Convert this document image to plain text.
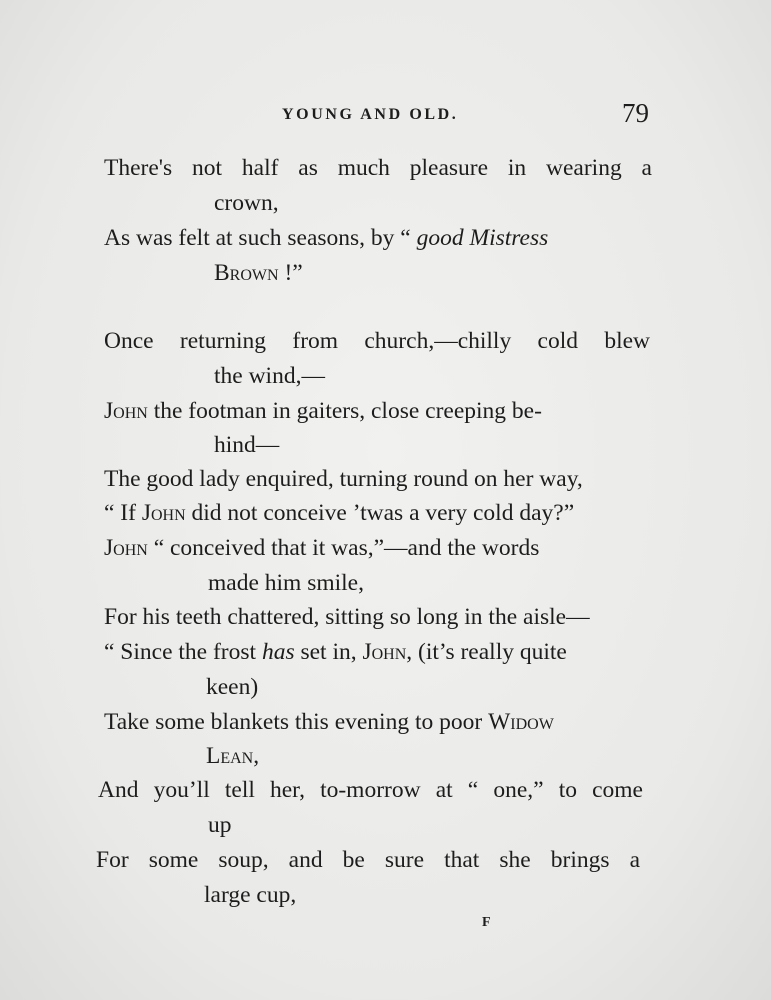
YOUNG AND OLD.	79
There's not half as much pleasure in wearing a
crown,
As was felt at such seasons, by “ good Mistress
Brown !”
Once returning from church,—chilly cold blew
the wind,—
John the footman in gaiters, close creeping be-
hind—
The good lady enquired, turning round on her way,
“ If John did not conceive ’twas a very cold day?”
John “ conceived that it was,”—and the words
made him smile,
For his teeth chattered, sitting so long in the aisle—
“ Since the frost has set in, John, (it’s really quite
keen)
Take some blankets this evening to poor Widow
Lean,
And you’ll tell her, to-morrow at “ one,” to come
up
For some soup, and be sure that she brings a
large cup,
F
